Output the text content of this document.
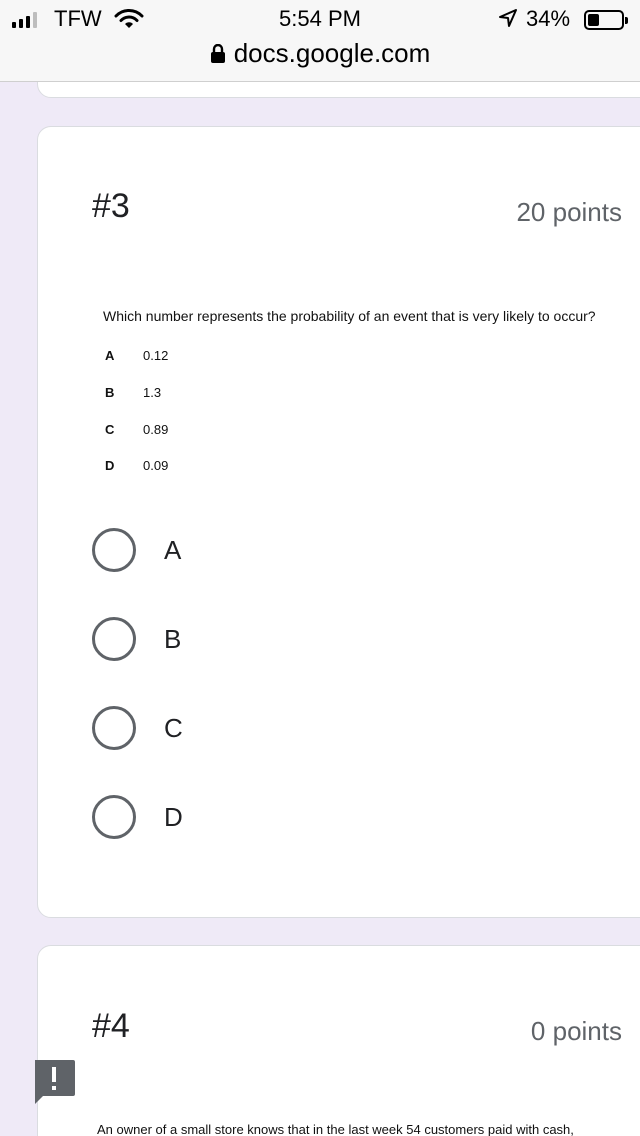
TFW	5:54 PM	34%
docs.google.com
#3	20 points
Which number represents the probability of an event that is very likely to occur?
A 0.12
B 1.3
C 0.89
D 0.09
A
B
C
D
#4	0 points
An owner of a small store knows that in the last week 54 customers paid with cash,
